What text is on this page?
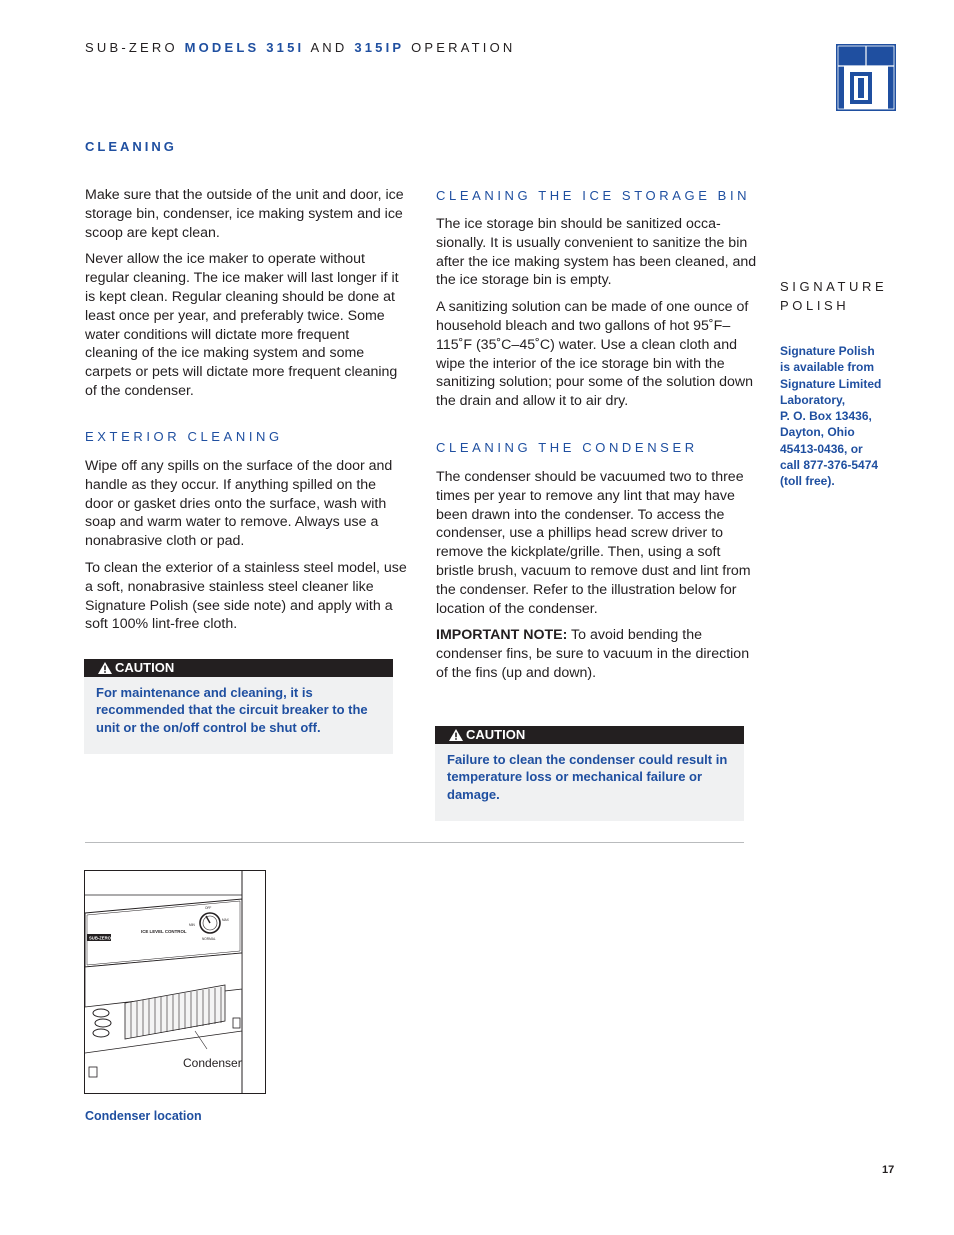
SUB-ZERO MODELS 315I AND 315IP OPERATION
CLEANING

Make sure that the outside of the unit and door, ice storage bin, condenser, ice making system and ice scoop are kept clean.

Never allow the ice maker to operate without regular cleaning. The ice maker will last longer if it is kept clean. Regular cleaning should be done at least once per year, and preferably twice. Some water conditions will dictate more frequent cleaning of the ice making system and some carpets or pets will dictate more frequent cleaning of the condenser.

EXTERIOR CLEANING

Wipe off any spills on the surface of the door and handle as they occur. If anything spilled on the door or gasket dries onto the surface, wash with soap and warm water to remove. Always use a nonabrasive cloth or pad.

To clean the exterior of a stainless steel model, use a soft, nonabrasive stainless steel cleaner like Signature Polish (see side note) and apply with a soft 100% lint-free cloth.

CAUTION
For maintenance and cleaning, it is recommended that the circuit breaker to the unit or the on/off control be shut off.
CLEANING THE ICE STORAGE BIN

The ice storage bin should be sanitized occa-sionally. It is usually convenient to sanitize the bin after the ice making system has been cleaned, and the ice storage bin is empty.

A sanitizing solution can be made of one ounce of household bleach and two gallons of hot 95˚F–115˚F (35˚C–45˚C) water. Use a clean cloth and wipe the interior of the ice storage bin with the sanitizing solution; pour some of the solution down the drain and allow it to air dry.

CLEANING THE CONDENSER

The condenser should be vacuumed two to three times per year to remove any lint that may have been drawn into the condenser. To access the condenser, use a phillips head screw driver to remove the kickplate/grille. Then, using a soft bristle brush, vacuum to remove dust and lint from the condenser. Refer to the illustration below for location of the condenser.

IMPORTANT NOTE: To avoid bending the condenser fins, be sure to vacuum in the direction of the fins (up and down).

CAUTION
Failure to clean the condenser could result in temperature loss or mechanical failure or damage.
SIGNATURE
POLISH
Signature Polish
is available from
Signature Limited
Laboratory,
P. O. Box 13436,
Dayton, Ohio
45413-0436, or
call 877-376-5474
(toll free).
SUB-ZERO
ICE LEVEL CONTROL
OFF
MAX
MIN
NORMAL
Condenser
Condenser location
17
